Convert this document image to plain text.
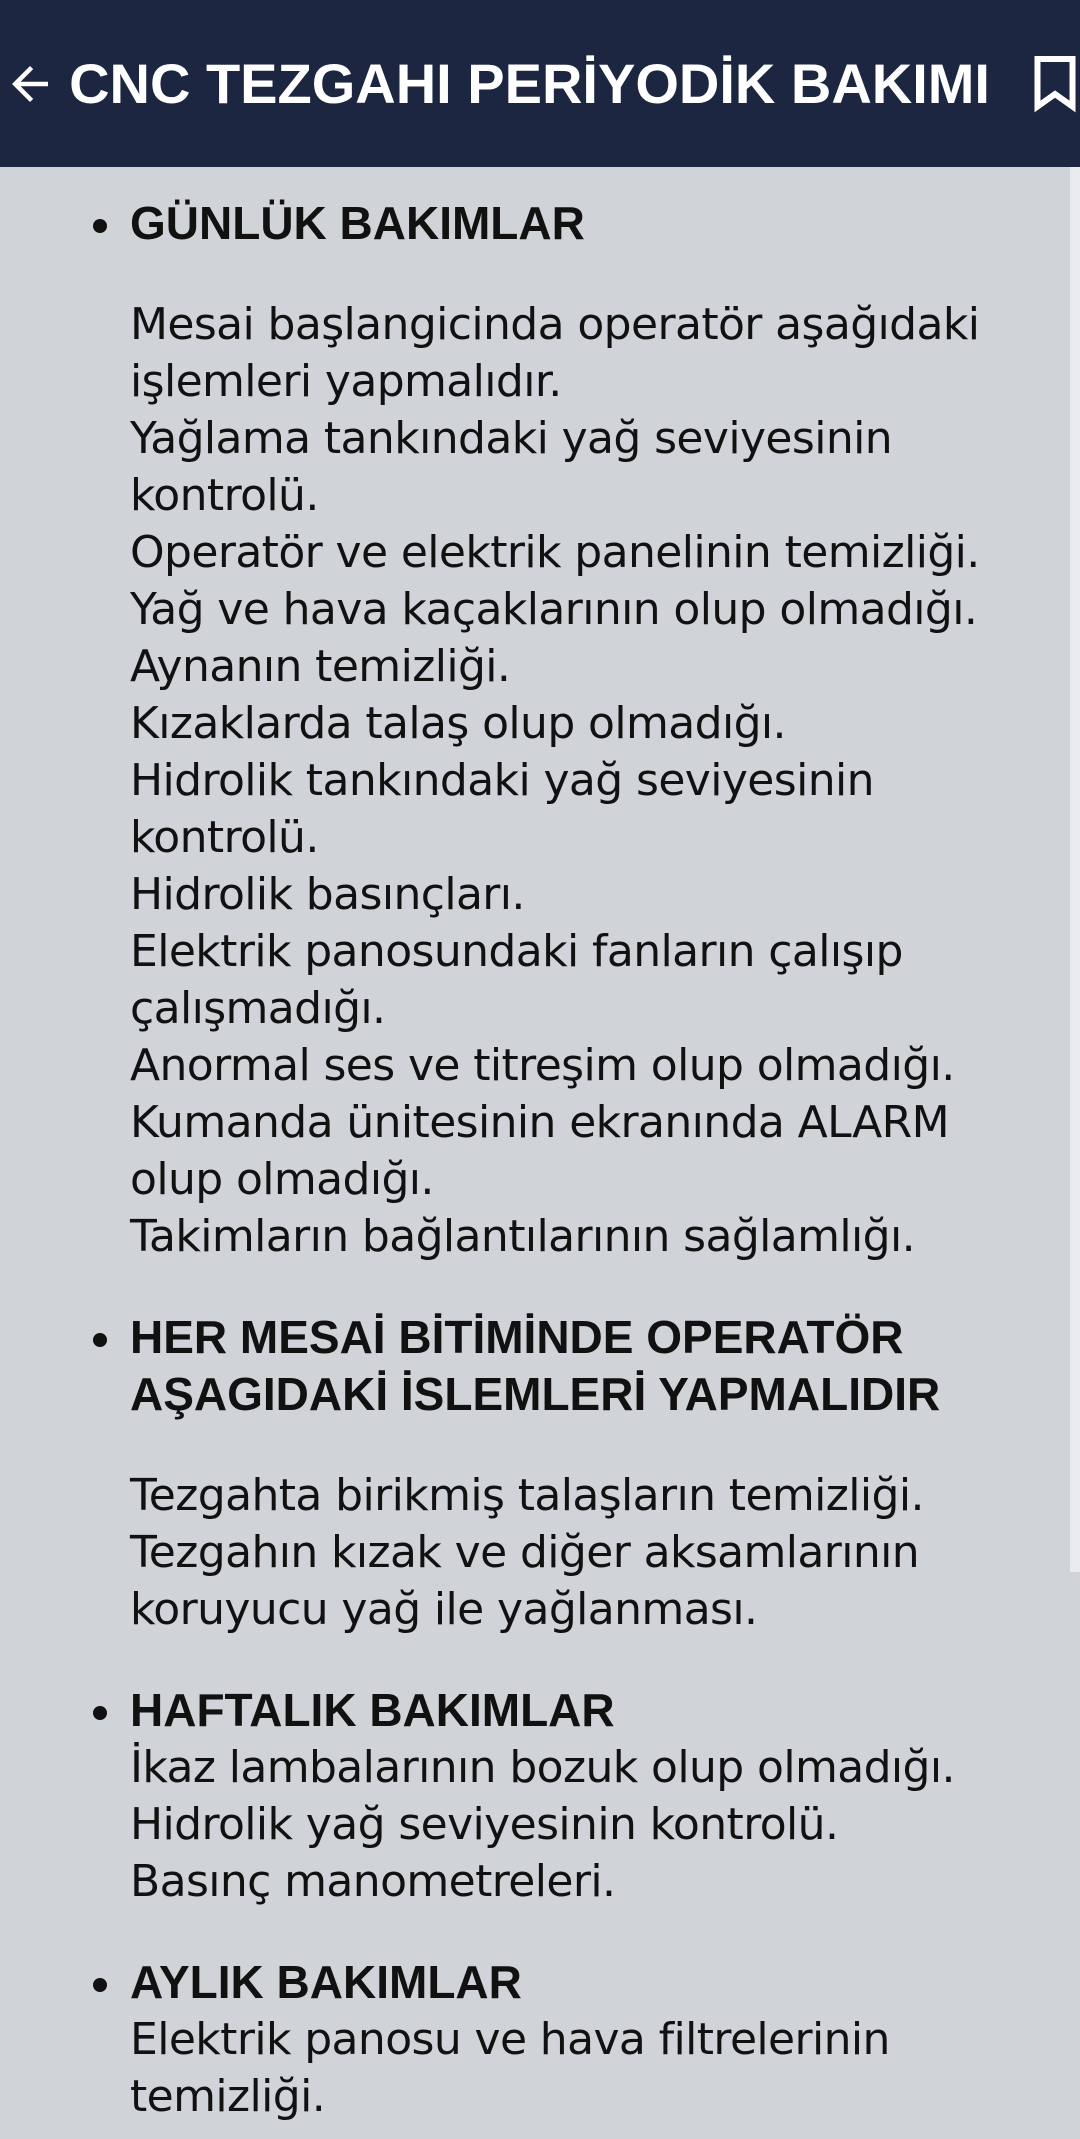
CNC TEZGAHI PERİYODİK BAKIMI

GÜNLÜK BAKIMLAR

Mesai başlangicinda operatör aşağıdaki işlemleri yapmalıdır.
Yağlama tankındaki yağ seviyesinin kontrolü.
Operatör ve elektrik panelinin temizliği.
Yağ ve hava kaçaklarının olup olmadığı.
Aynanın temizliği.
Kızaklarda talaş olup olmadığı.
Hidrolik tankındaki yağ seviyesinin kontrolü.
Hidrolik basınçları.
Elektrik panosundaki fanların çalışıp çalışmadığı.
Anormal ses ve titreşim olup olmadığı.
Kumanda ünitesinin ekranında ALARM olup olmadığı.
Takimların bağlantılarının sağlamlığı.

HER MESAİ BİTİMİNDE OPERATÖR AŞAGIDAKİ İSLEMLERİ YAPMALIDIR

Tezgahta birikmiş talaşların temizliği.
Tezgahın kızak ve diğer aksamlarının koruyucu yağ ile yağlanması.

HAFTALIK BAKIMLAR

İkaz lambalarının bozuk olup olmadığı.
Hidrolik yağ seviyesinin kontrolü.
Basınç manometreleri.

AYLIK BAKIMLAR

Elektrik panosu ve hava filtrelerinin temizliği.
